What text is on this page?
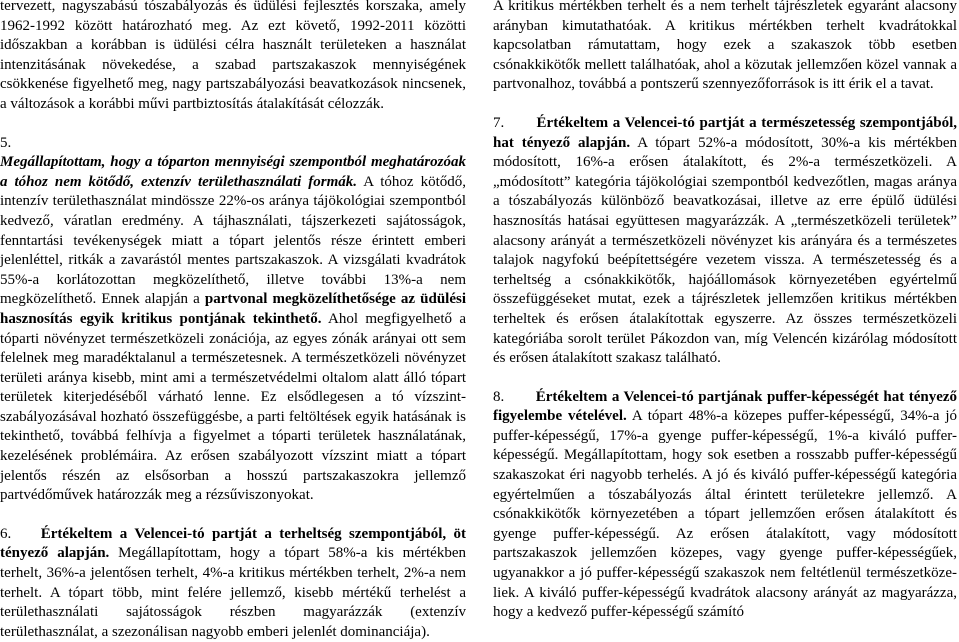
tervezett, nagyszabású tószabályozás és üdülési fejlesztés korszaka, amely 1962-1992 között határozható meg. Az ezt követő, 1992-2011 közötti időszakban a korábban is üdülési célra használt területeken a használat intenzitásának növekedése, a szabad partszakaszok mennyiségének csökkenése figyelhető meg, nagy partszabályozási beavatkozások nincsenek, a változások a korábbi művi partbiztosítás átalakítását célozzák.

5.

Megállapítottam, hogy a tóparton mennyiségi szempontból meghatározóak a tóhoz nem kötődő, extenzív területhasználati formák. A tóhoz kötődő, intenzív területhasználat mindössze 22%-os aránya tájökológiai szempontból kedvező, váratlan eredmény. A tájhasználati, tájszerkezeti sajátosságok, fenntartási tevékenységek miatt a tópart jelentős része érintett emberi jelenléttel, ritkák a zavarástól mentes partszakaszok. A vizsgálati kvadrátok 55%-a korlátozottan megközelíthető, illetve további 13%-a nem megközelíthető. Ennek alapján a partvonal megközelíthetősége az üdülési hasznosítás egyik kritikus pontjának tekinthető. Ahol megfigyelhető a tóparti növényzet természetközeli zonációja, az egyes zónák arányai ott sem felelnek meg maradéktalanul a természetesnek. A természetközeli növényzet területi aránya kisebb, mint ami a természetvédelmi oltalom alatt álló tópart területek kiterjedéséből várható lenne. Ez elsődlegesen a tó vízszint-szabályozásával hozható összefüggésbe, a parti feltöltések egyik hatásának is tekinthető, továbbá felhívja a figyelmet a tóparti területek használatának, kezelésének problémáira. Az erősen szabályozott vízszint miatt a tópart jelentős részén az elsősorban a hosszú partszakaszokra jellemző partvédőművek határozzák meg a rézsűviszonyokat.

6. Értékeltem a Velencei-tó partját a terheltség szempontjából, öt tényező alapján. Megállapítottam, hogy a tópart 58%-a kis mértékben terhelt, 36%-a jelentősen terhelt, 4%-a kritikus mértékben terhelt, 2%-a nem terhelt. A tópart több, mint felére jellemző, kisebb mértékű terhelést a területhasználati sajátosságok részben magyarázzák (extenzív területhasználat, a szezonálisan nagyobb emberi jelenlét dominanciája).

A kritikus mértékben terhelt és a nem terhelt tájrészletek egyaránt alacsony arányban kimutathatóak. A kritikus mértékben terhelt kvadrátokkal kapcsolatban rámutattam, hogy ezek a szakaszok több esetben csónakkikötők mellett találhatóak, ahol a közutak jellemzően közel vannak a partvonalhoz, továbbá a pontszerű szennyezőforrások is itt érik el a tavat.

7. Értékeltem a Velencei-tó partját a természetesség szempontjából, hat tényező alapján. A tópart 52%-a módosított, 30%-a kis mértékben módosított, 16%-a erősen átalakított, és 2%-a természetközeli. A „módosított” kategória tájökológiai szempontból kedvezőtlen, magas aránya a tószabályozás különböző beavatkozásai, illetve az erre épülő üdülési hasznosítás hatásai együttesen magyarázzák. A „természetközeli területek” alacsony arányát a természetközeli növényzet kis arányára és a természetes talajok nagyfokú beépítettségére vezetem vissza. A természetesség és a terheltség a csónakkikötők, hajóállomások környezetében egyértelmű összefüggéseket mutat, ezek a tájrészletek jellemzően kritikus mértékben terheltek és erősen átalakítottak egyszerre. Az összes természetközeli kategóriába sorolt terület Pákozdon van, míg Velencén kizárólag módosított és erősen átalakított szakasz található.

8. Értékeltem a Velencei-tó partjának puffer-képességét hat tényező figyelembe vételével. A tópart 48%-a közepes puffer-képességű, 34%-a jó puffer-képességű, 17%-a gyenge puffer-képességű, 1%-a kiváló puffer-képességű. Megállapítottam, hogy sok esetben a rosszabb puffer-képességű szakaszokat éri nagyobb terhelés. A jó és kiváló puffer-képességű kategória egyértelműen a tószabályozás által érintett területekre jellemző. A csónakkikötők környezetében a tópart jellemzően erősen átalakított és gyenge puffer-képességű. Az erősen átalakított, vagy módosított partszakaszok jellemzően közepes, vagy gyenge puffer-képességűek, ugyanakkor a jó puffer-képességű szakaszok nem feltétlenül természetközeliek. A kiváló puffer-képességű kvadrátok alacsony arányát az magyarázza, hogy a kedvező puffer-képességű számító
